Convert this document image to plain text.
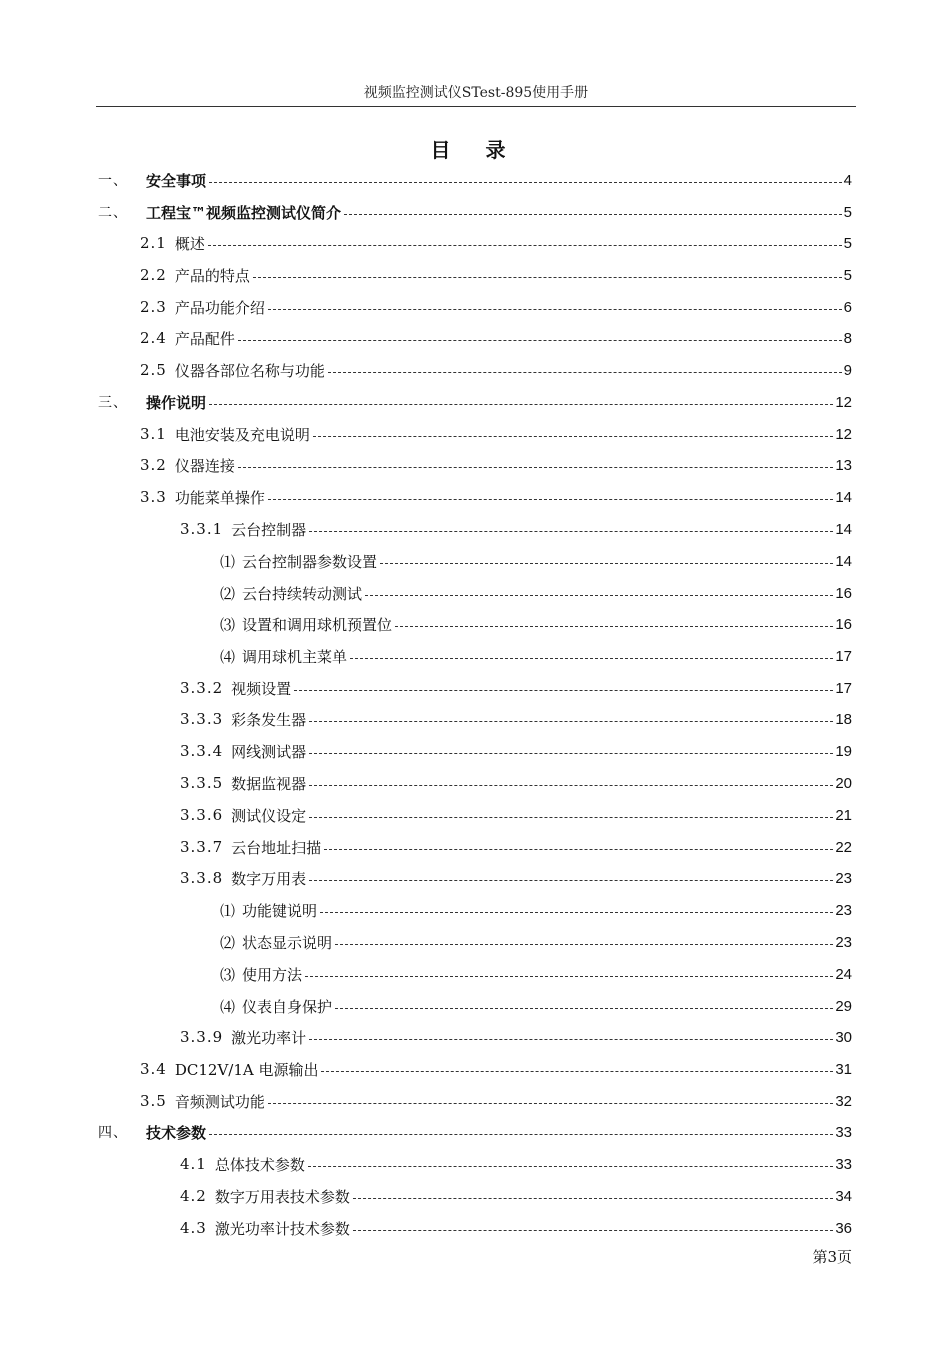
视频监控测试仪STest-895使用手册
目 录
一、	安全事项	4
二、	工程宝™视频监控测试仪简介	5
2.1 概述	5
2.2 产品的特点	5
2.3 产品功能介绍	6
2.4 产品配件	8
2.5 仪器各部位名称与功能	9
三、	操作说明	12
3.1 电池安装及充电说明	12
3.2 仪器连接	13
3.3 功能菜单操作	14
3.3.1 云台控制器	14
⑴ 云台控制器参数设置	14
⑵ 云台持续转动测试	16
⑶ 设置和调用球机预置位	16
⑷ 调用球机主菜单	17
3.3.2 视频设置	17
3.3.3 彩条发生器	18
3.3.4 网线测试器	19
3.3.5 数据监视器	20
3.3.6 测试仪设定	21
3.3.7 云台地址扫描	22
3.3.8 数字万用表	23
⑴ 功能键说明	23
⑵ 状态显示说明	23
⑶ 使用方法	24
⑷ 仪表自身保护	29
3.3.9 激光功率计	30
3.4 DC12V/1A 电源输出	31
3.5 音频测试功能	32
四、	技术参数	33
4.1 总体技术参数	33
4.2 数字万用表技术参数	34
4.3 激光功率计技术参数	36
第3页
